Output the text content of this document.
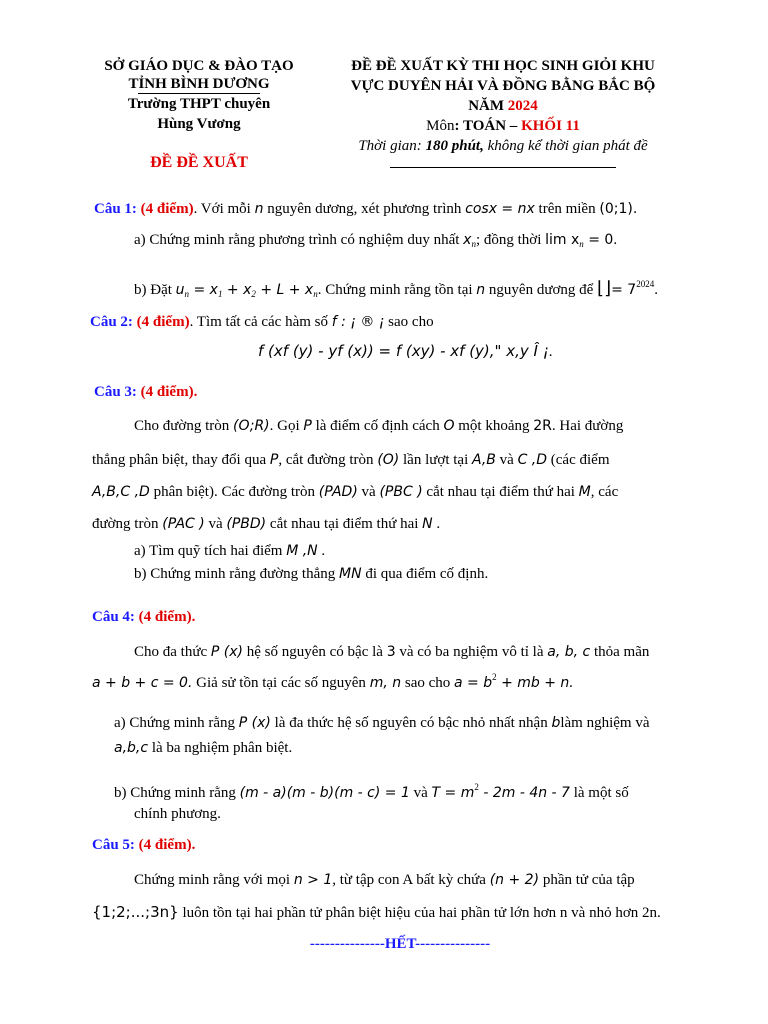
SỞ GIÁO DỤC & ĐÀO TẠO
TỈNH BÌNH DƯƠNG
Trường THPT chuyên
Hùng Vương
ĐỀ ĐỀ XUẤT
ĐỀ ĐỀ XUẤT KỲ THI HỌC SINH GIỎI KHU
VỰC DUYÊN HẢI VÀ ĐỒNG BẰNG BẮC BỘ
NĂM 2024
Môn: TOÁN – KHỐI 11
Thời gian: 180 phút, không kể thời gian phát đề
Câu 1: (4 điểm). Với mỗi n nguyên dương, xét phương trình cosx = nx trên miền (0;1).
a) Chứng minh rằng phương trình có nghiệm duy nhất $x_n$; đồng thời $\lim x_n = 0$.
b) Đặt $u_n = x_1 + x_2 + L + x_n$. Chứng minh rằng tồn tại n nguyên dương để ⌊⌋= $7^{2024}$.
Câu 2: (4 điểm). Tìm tất cả các hàm số f : ¡ ® ¡ sao cho
f (xf (y) - yf (x)) = f (xy) - xf (y)," x,y Î ¡.
Câu 3: (4 điểm).
Cho đường tròn (O;R). Gọi P là điểm cố định cách O một khoảng 2R. Hai đường
thẳng phân biệt, thay đổi qua P, cắt đường tròn (O) lần lượt tại A,B và C ,D (các điểm
A,B,C ,D phân biệt). Các đường tròn (PAD) và (PBC ) cắt nhau tại điểm thứ hai M, các
đường tròn (PAC ) và (PBD) cắt nhau tại điểm thứ hai N .
a) Tìm quỹ tích hai điểm M ,N .
b) Chứng minh rằng đường thẳng MN đi qua điểm cố định.
Câu 4: (4 điểm).
Cho đa thức P (x) hệ số nguyên có bậc là 3 và có ba nghiệm vô tỉ là a, b, c thỏa mãn
a + b + c = 0. Giả sử tồn tại các số nguyên m, n sao cho $a = b^2$ + mb + n.
a) Chứng minh rằng P (x) là đa thức hệ số nguyên có bậc nhỏ nhất nhận blàm nghiệm và
a,b,c là ba nghiệm phân biệt.
b) Chứng minh rằng (m - a)(m - b)(m - c) = 1 và $T = m^2 - 2m - 4n - 7$ là một số
chính phương.
Câu 5: (4 điểm).
Chứng minh rằng với mọi n > 1, từ tập con A bất kỳ chứa (n + 2) phần tử của tập
{1;2;...;3n} luôn tồn tại hai phần tử phân biệt hiệu của hai phần tử lớn hơn n và nhỏ hơn 2n.
---------------HẾT---------------
